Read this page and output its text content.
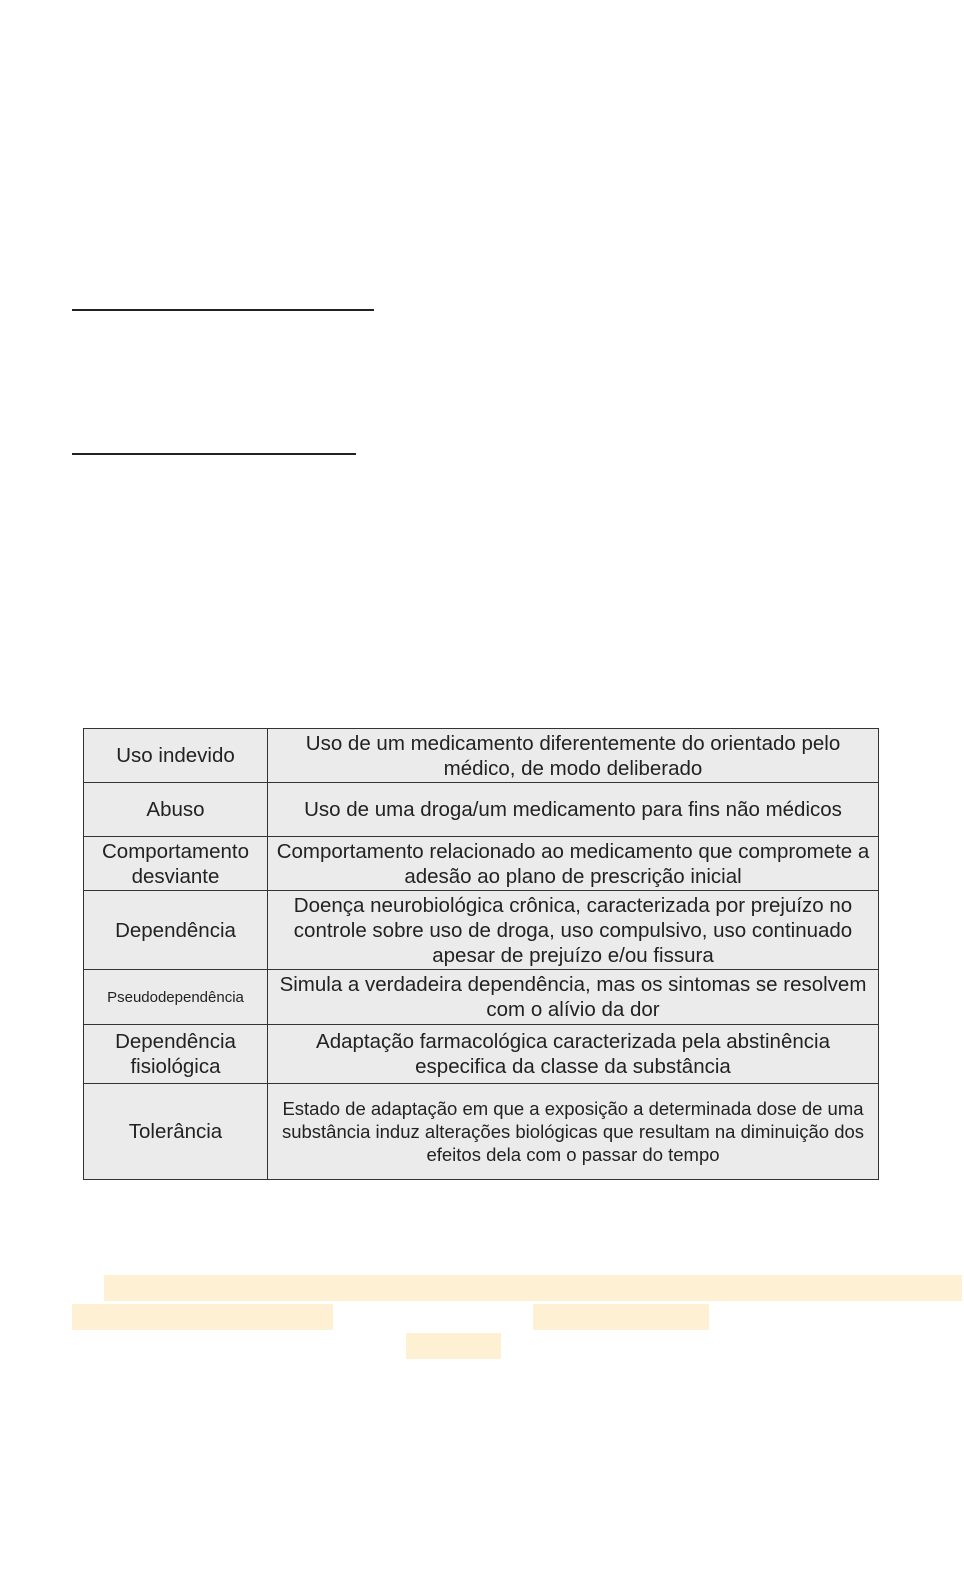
Uso indevido	Uso de um medicamento diferentemente do orientado pelo médico, de modo deliberado
Abuso	Uso de uma droga/um medicamento para fins não médicos
Comportamento desviante	Comportamento relacionado ao medicamento que compromete a adesão ao plano de prescrição inicial
Dependência	Doença neurobiológica crônica, caracterizada por prejuízo no controle sobre uso de droga, uso compulsivo, uso continuado apesar de prejuízo e/ou fissura
Pseudodependência	Simula a verdadeira dependência, mas os sintomas se resolvem com o alívio da dor
Dependência fisiológica	Adaptação farmacológica caracterizada pela abstinência especifica da classe da substância
Tolerância	Estado de adaptação em que a exposição a determinada dose de uma substância induz alterações biológicas que resultam na diminuição dos efeitos dela com o passar do tempo
